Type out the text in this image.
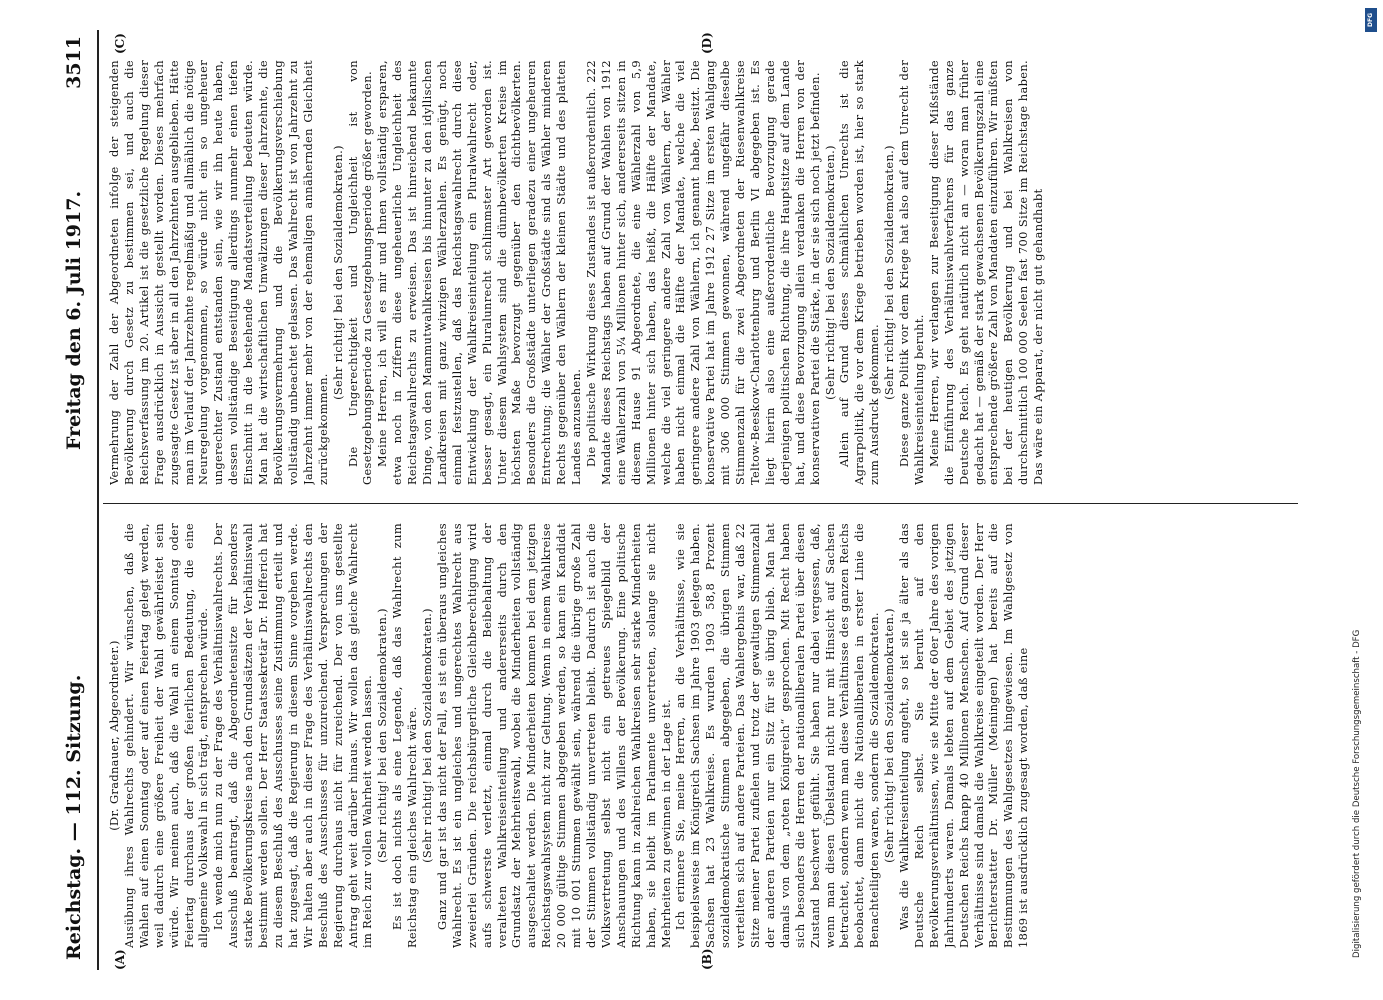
DFG
Digitalisierung gefördert durch die Deutsche Forschungsgemeinschaft - DFG
Reichstag. — 112. Sitzung.
Freitag den 6. Juli 1917.
3511
(A)	(B)
(C)	(D)

(Dr. Gradnauer, Abgeordneter.) Ausübung ihres Wahlrechts gehindert. Wir wünschen, daß die Wahlen auf einen Sonntag oder auf einen Feiertag gelegt werden, weil dadurch eine größere Freiheit der Wahl gewährleistet sein würde. Wir meinen auch, daß die Wahl an einem Sonntag oder Feiertag durchaus der großen feierlichen Bedeutung, die eine allgemeine Volkswahl in sich trägt, entsprechen würde. Ich wende mich nun zu der Frage des Verhältniswahlrechts. Der Ausschuß beantragt, daß die Abgeordnetensitze für besonders starke Bevölkerungskreise nach den Grundsätzen der Verhältniswahl bestimmt werden sollen. Der Herr Staatssekretär Dr. Helfferich hat zu diesem Beschluß des Ausschusses seine Zustimmung erteilt und hat zugesagt, daß die Regierung in diesem Sinne vorgehen werde. Wir halten aber auch in dieser Frage des Verhältniswahlrechts den Beschluß des Ausschusses für unzureichend. Versprechungen der Regierung durchaus nicht für zureichend. Der von uns gestellte Antrag geht weit darüber hinaus. Wir wollen das gleiche Wahlrecht im Reich zur vollen Wahrheit werden lassen. (Sehr richtig! bei den Sozialdemokraten.) Es ist doch nichts als eine Legende, daß das Wahlrecht zum Reichstag ein gleiches Wahlrecht wäre. (Sehr richtig! bei den Sozialdemokraten.) Ganz und gar ist das nicht der Fall, es ist ein überaus ungleiches Wahlrecht. Es ist ein ungleiches und ungerechtes Wahlrecht aus zweierlei Gründen. Die reichsbürgerliche Gleichberechtigung wird aufs schwerste verletzt, einmal durch die Beibehaltung der veralteten Wahlkreiseinteilung und andererseits durch den Grundsatz der Mehrheitswahl, wobei die Minderheiten vollständig ausgeschaltet werden. Die Minderheiten kommen bei dem jetzigen Reichstagswahlsystem nicht zur Geltung. Wenn in einem Wahlkreise 20 000 gültige Stimmen abgegeben werden, so kann ein Kandidat mit 10 001 Stimmen gewählt sein, während die übrige große Zahl der Stimmen vollständig unvertreten bleibt. Dadurch ist auch die Volksvertretung selbst nicht ein getreues Spiegelbild der Anschauungen und des Willens der Bevölkerung. Eine politische Richtung kann in zahlreichen Wahlkreisen sehr starke Minderheiten haben, sie bleibt im Parlamente unvertreten, solange sie nicht Mehrheiten zu gewinnen in der Lage ist. Ich erinnere Sie, meine Herren, an die Verhältnisse, wie sie beispielsweise im Königreich Sachsen im Jahre 1903 gelegen haben. Sachsen hat 23 Wahlkreise. Es wurden 1903 58,8 Prozent sozialdemokratische Stimmen abgegeben, die übrigen Stimmen verteilten sich auf andere Parteien. Das Wahlergebnis war, daß 22 Sitze meiner Partei zufielen und trotz der gewaltigen Stimmenzahl der anderen Parteien nur ein Sitz für sie übrig blieb. Man hat damals von dem „roten Königreich“ gesprochen. Mit Recht haben sich besonders die Herren der nationalliberalen Partei über diesen Zustand beschwert gefühlt. Sie haben nur dabei vergessen, daß, wenn man diesen Übelstand nicht nur mit Hinsicht auf Sachsen betrachtet, sondern wenn man diese Verhältnisse des ganzen Reichs beobachtet, dann nicht die Nationalliberalen in erster Linie die Benachteiligten waren, sondern die Sozialdemokraten. (Sehr richtig! bei den Sozialdemokraten.) Was die Wahlkreiseinteilung angeht, so ist sie ja älter als das Deutsche Reich selbst. Sie beruht auf den Bevölkerungsverhältnissen, wie sie Mitte der 60er Jahre des vorigen Jahrhunderts waren. Damals lebten auf dem Gebiet des jetzigen Deutschen Reichs knapp 40 Millionen Menschen. Auf Grund dieser Verhältnisse sind damals die Wahlkreise eingeteilt worden. Der Herr Berichterstatter Dr. Müller (Meiningen) hat bereits auf die Bestimmungen des Wahlgesetzes hingewiesen. Im Wahlgesetz von 1869 ist ausdrücklich zugesagt worden, daß eine

Vermehrung der Zahl der Abgeordneten infolge der steigenden Bevölkerung durch Gesetz zu bestimmen sei, und auch die Reichsverfassung im 20. Artikel ist die gesetzliche Regelung dieser Frage ausdrücklich in Aussicht gestellt worden. Dieses mehrfach zugesagte Gesetz ist aber in all den Jahrzehnten ausgeblieben. Hätte man im Verlauf der Jahrzehnte regelmäßig und allmählich die nötige Neuregelung vorgenommen, so würde nicht ein so ungeheuer ungerechter Zustand entstanden sein, wie wir ihn heute haben, dessen vollständige Beseitigung allerdings nunmehr einen tiefen Einschnitt in die bestehende Mandatsverteilung bedeuten würde. Man hat die wirtschaftlichen Umwälzungen dieser Jahrzehnte, die Bevölkerungsvermehrung und die Bevölkerungsverschiebung vollständig unbeachtet gelassen. Das Wahlrecht ist von Jahrzehnt zu Jahrzehnt immer mehr von der ehemaligen annähernden Gleichheit zurückgekommen.

(Sehr richtig! bei den Sozialdemokraten.) Die Ungerechtigkeit und Ungleichheit ist von Gesetzgebungsperiode zu Gesetzgebungsperiode größer geworden. Meine Herren, ich will es mir und Ihnen vollständig ersparen, etwa noch in Ziffern diese ungeheuerliche Ungleichheit des Reichstagswahlrechts zu erweisen. Das ist hinreichend bekannte Dinge, von den Mammutwahlkreisen bis hinunter zu den idyllischen Landkreisen mit ganz winzigen Wählerzahlen. Es genügt, noch einmal festzustellen, daß das Reichstagswahlrecht durch diese Entwicklung der Wahlkreiseinteilung ein Pluralwahlrecht oder, besser gesagt, ein Pluralunrecht schlimmster Art geworden ist. Unter diesem Wahlsystem sind die dünnbevölkerten Kreise im höchsten Maße bevorzugt gegenüber den dichtbevölkerten. Besonders die Großstädte unterliegen geradezu einer ungeheuren Entrechtung; die Wähler der Großstädte sind als Wähler minderen Rechts gegenüber den Wählern der kleinen Städte und des platten Landes anzusehen. Die politische Wirkung dieses Zustandes ist außerordentlich. 222 Mandate dieses Reichstags haben auf Grund der Wahlen von 1912 eine Wählerzahl von 5¼ Millionen hinter sich, andererseits sitzen in diesem Hause 91 Abgeordnete, die eine Wählerzahl von 5,9 Millionen hinter sich haben, das heißt, die Hälfte der Mandate, welche die viel geringere andere Zahl von Wählern, der Wähler haben nicht einmal die Hälfte der Mandate, welche die viel geringere andere Zahl von Wählern, ich genannt habe, besitzt. Die konservative Partei hat im Jahre 1912 27 Sitze im ersten Wahlgang mit 306 000 Stimmen gewonnen, während ungefähr dieselbe Stimmenzahl für die zwei Abgeordneten der Riesenwahlkreise Teltow-Beeskow-Charlottenburg und Berlin VI abgegeben ist. Es liegt hierin also eine außerordentliche Bevorzugung gerade derjenigen politischen Richtung, die ihre Hauptsitze auf dem Lande hat, und diese Bevorzugung allein verdanken die Herren von der konservativen Partei die Stärke, in der sie sich noch jetzt befinden. (Sehr richtig! bei den Sozialdemokraten.) Allein auf Grund dieses schmählichen Unrechts ist die Agrarpolitik, die vor dem Kriege betrieben worden ist, hier so stark zum Ausdruck gekommen.

(Sehr richtig! bei den Sozialdemokraten.) Diese ganze Politik vor dem Kriege hat also auf dem Unrecht der Wahlkreiseinteilung beruht. Meine Herren, wir verlangen zur Beseitigung dieser Mißstände die Einführung des Verhältniswahlverfahrens für das ganze Deutsche Reich. Es geht natürlich nicht an — woran man früher gedacht hat — gemäß der stark gewachsenen Bevölkerungszahl eine entsprechende größere Zahl von Mandaten einzuführen. Wir müßten bei der heutigen Bevölkerung und bei Wahlkreisen von durchschnittlich 100 000 Seelen fast 700 Sitze im Reichstage haben. Das wäre ein Apparat, der nicht gut gehandhabt
